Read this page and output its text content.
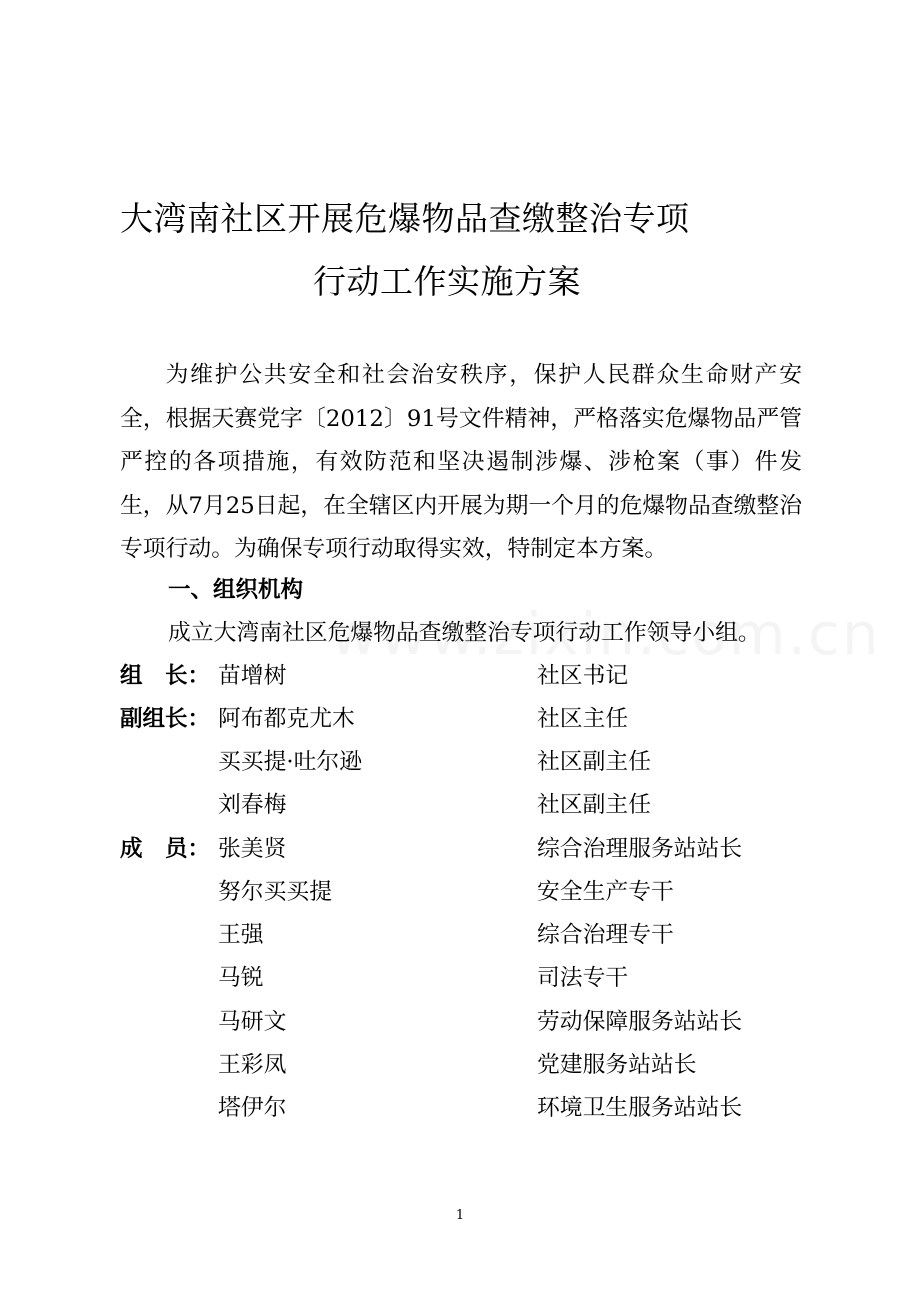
大湾南社区开展危爆物品查缴整治专项
行动工作实施方案

为维护公共安全和社会治安秩序，保护人民群众生命财产安全，根据天赛党字〔2012〕91号文件精神，严格落实危爆物品严管严控的各项措施，有效防范和坚决遏制涉爆、涉枪案（事）件发生，从7月25日起，在全辖区内开展为期一个月的危爆物品查缴整治专项行动。为确保专项行动取得实效，特制定本方案。

一、组织机构
成立大湾南社区危爆物品查缴整治专项行动工作领导小组。
组　长： 苗增树	社区书记
副组长： 阿布都克尤木	社区主任
买买提·吐尔逊	社区副主任
刘春梅	社区副主任
成　员： 张美贤	综合治理服务站站长
努尔买买提	安全生产专干
王强	综合治理专干
马锐	司法专干
马研文	劳动保障服务站站长
王彩凤	党建服务站站长
塔伊尔	环境卫生服务站站长
1
